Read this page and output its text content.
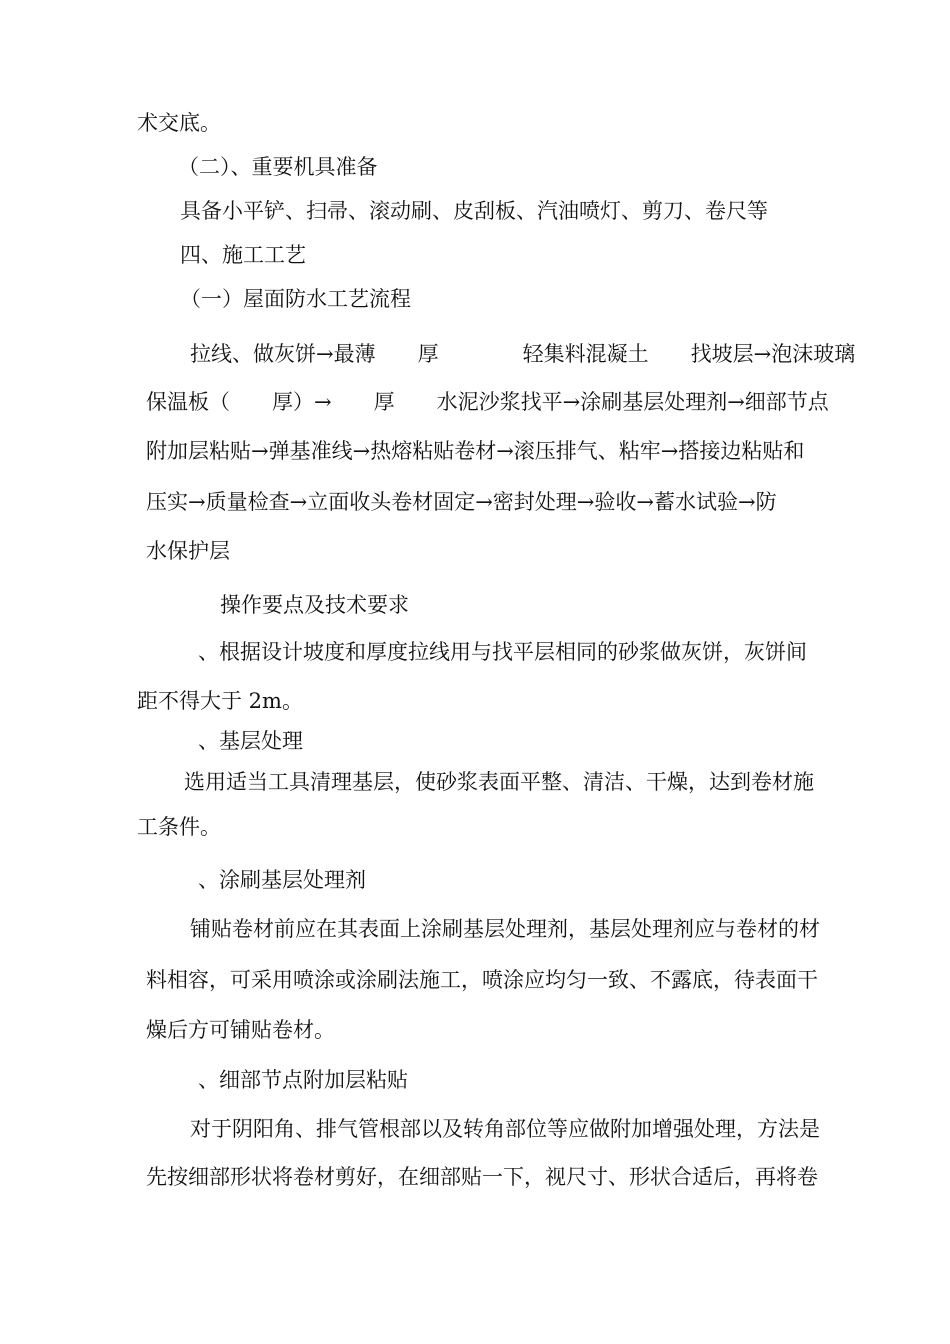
术交底。

（二）、重要机具准备

具备小平铲、扫帚、滚动刷、皮刮板、汽油喷灯、剪刀、卷尺等

四、施工工艺

（一）屋面防水工艺流程

拉线、做灰饼→最薄　　厚　　　　轻集料混凝土　　找坡层→泡沫玻璃

保温板（　　厚）→　　厚　　水泥沙浆找平→涂刷基层处理剂→细部节点

附加层粘贴→弹基准线→热熔粘贴卷材→滚压排气、粘牢→搭接边粘贴和

压实→质量检查→立面收头卷材固定→密封处理→验收→蓄水试验→防

水保护层

操作要点及技术要求

、根据设计坡度和厚度拉线用与找平层相同的砂浆做灰饼，灰饼间

距不得大于 2m。

、基层处理

选用适当工具清理基层，使砂浆表面平整、清洁、干燥，达到卷材施

工条件。

、涂刷基层处理剂

铺贴卷材前应在其表面上涂刷基层处理剂，基层处理剂应与卷材的材

料相容，可采用喷涂或涂刷法施工，喷涂应均匀一致、不露底，待表面干

燥后方可铺贴卷材。

、细部节点附加层粘贴

对于阴阳角、排气管根部以及转角部位等应做附加增强处理，方法是

先按细部形状将卷材剪好，在细部贴一下，视尺寸、形状合适后，再将卷
